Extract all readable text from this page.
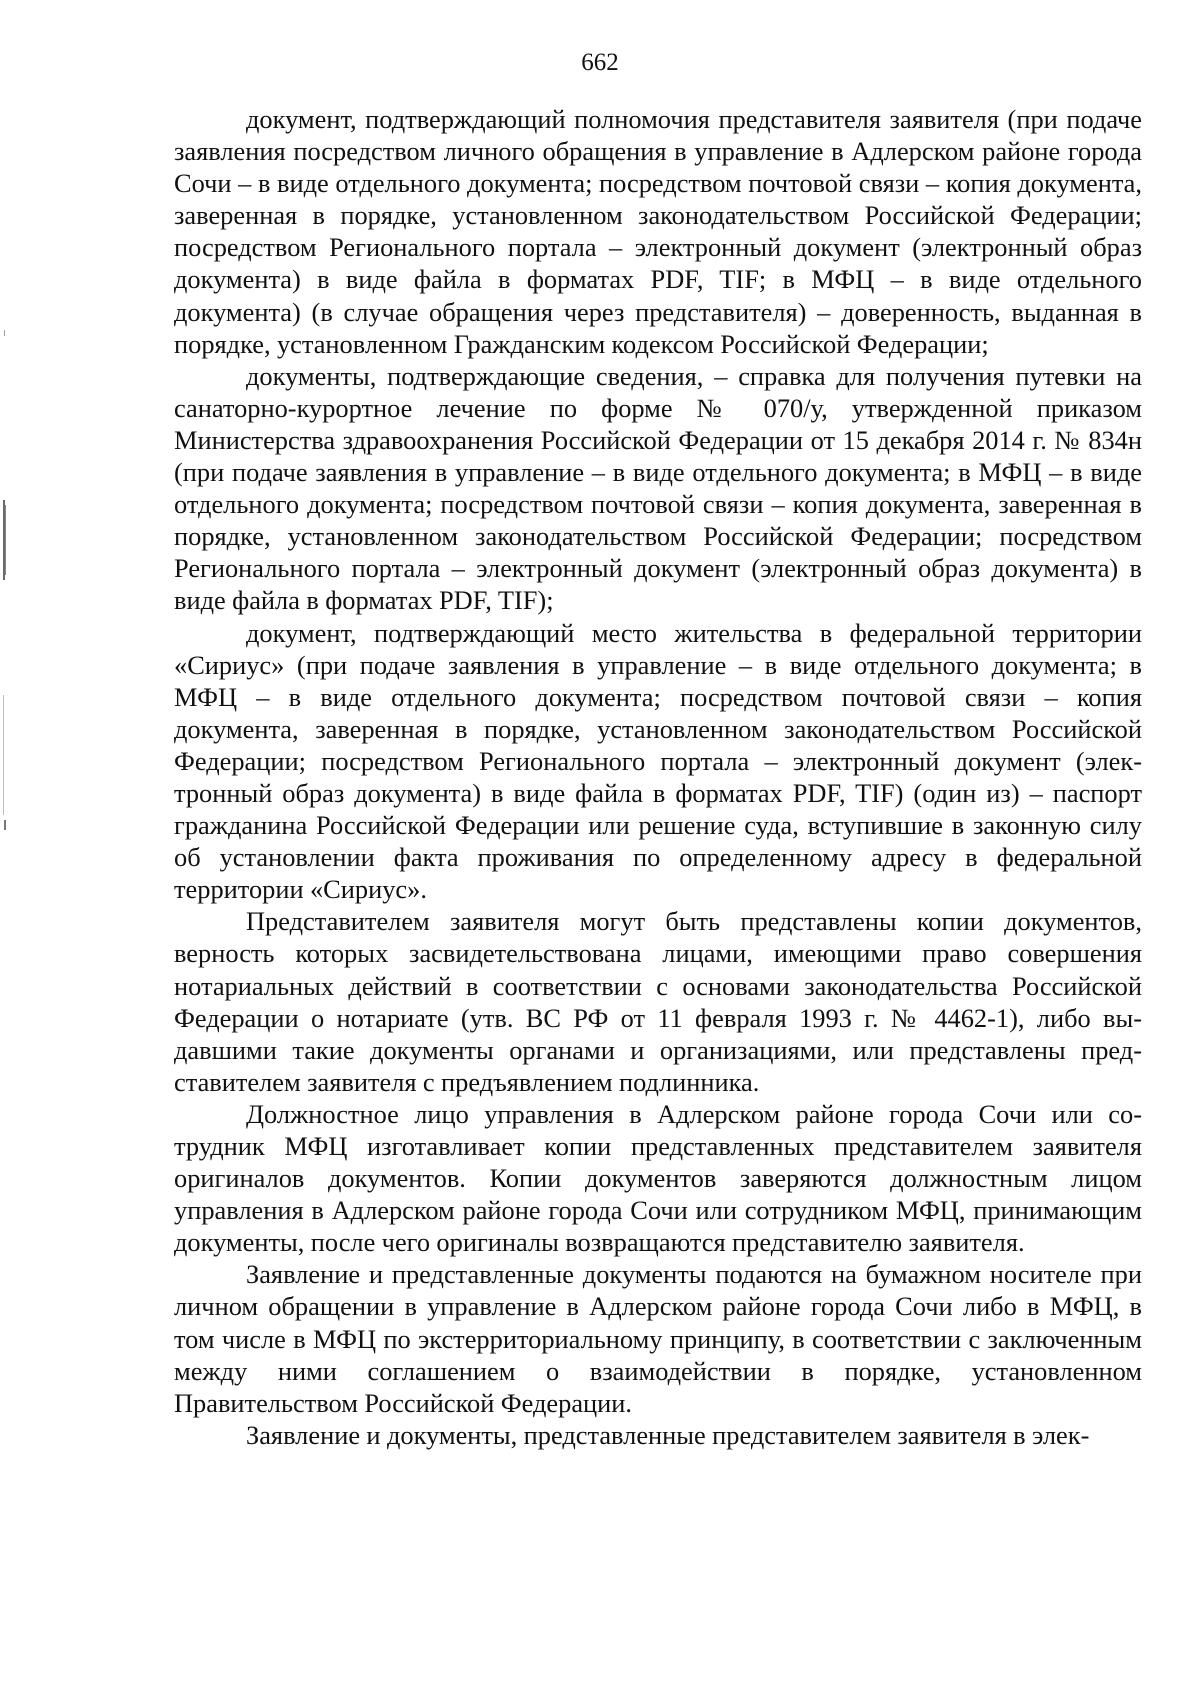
662

документ, подтверждающий полномочия представителя заявителя (при подаче заявления посредством личного обращения в управление в Адлерском районе города Сочи – в виде отдельного документа; посредством почтовой связи – копия документа, заверенная в порядке, установленном законодательством Российской Федерации; посредством Регионального портала – электронный документ (электронный образ документа) в виде файла в форматах PDF, TIF; в МФЦ – в виде отдельного документа) (в случае обращения через представителя) – доверенность, выданная в порядке, установленном Гражданским кодексом Российской Федерации;

документы, подтверждающие сведения, – справка для получения путевки на санаторно-курортное лечение по форме № 070/у, утвержденной приказом Министерства здравоохранения Российской Федерации от 15 декабря 2014 г. № 834н (при подаче заявления в управление – в виде отдельного документа; в МФЦ – в виде отдельного документа; посредством почтовой связи – копия документа, заверенная в порядке, установленном законодательством Российской Федерации; посредством Регионального портала – электронный документ (электронный образ документа) в виде файла в форматах PDF, TIF);

документ, подтверждающий место жительства в федеральной территории «Сириус» (при подаче заявления в управление – в виде отдельного документа; в МФЦ – в виде отдельного документа; посредством почтовой связи – копия документа, заверенная в порядке, установленном законодательством Российской Федерации; посредством Регионального портала – электронный документ (электронный образ документа) в виде файла в форматах PDF, TIF) (один из) – паспорт гражданина Российской Федерации или решение суда, вступившие в законную силу об установлении факта проживания по определенному адресу в федеральной территории «Сириус».

Представителем заявителя могут быть представлены копии документов, верность которых засвидетельствована лицами, имеющими право совершения нотариальных действий в соответствии с основами законодательства Российской Федерации о нотариате (утв. ВС РФ от 11 февраля 1993 г. № 4462-1), либо выдавшими такие документы органами и организациями, или представлены представителем заявителя с предъявлением подлинника.

Должностное лицо управления в Адлерском районе города Сочи или сотрудник МФЦ изготавливает копии представленных представителем заявителя оригиналов документов. Копии документов заверяются должностным лицом управления в Адлерском районе города Сочи или сотрудником МФЦ, принимающим документы, после чего оригиналы возвращаются представителю заявителя.

Заявление и представленные документы подаются на бумажном носителе при личном обращении в управление в Адлерском районе города Сочи либо в МФЦ, в том числе в МФЦ по экстерриториальному принципу, в соответствии с заключенным между ними соглашением о взаимодействии в порядке, установленном Правительством Российской Федерации.

Заявление и документы, представленные представителем заявителя в элек-
